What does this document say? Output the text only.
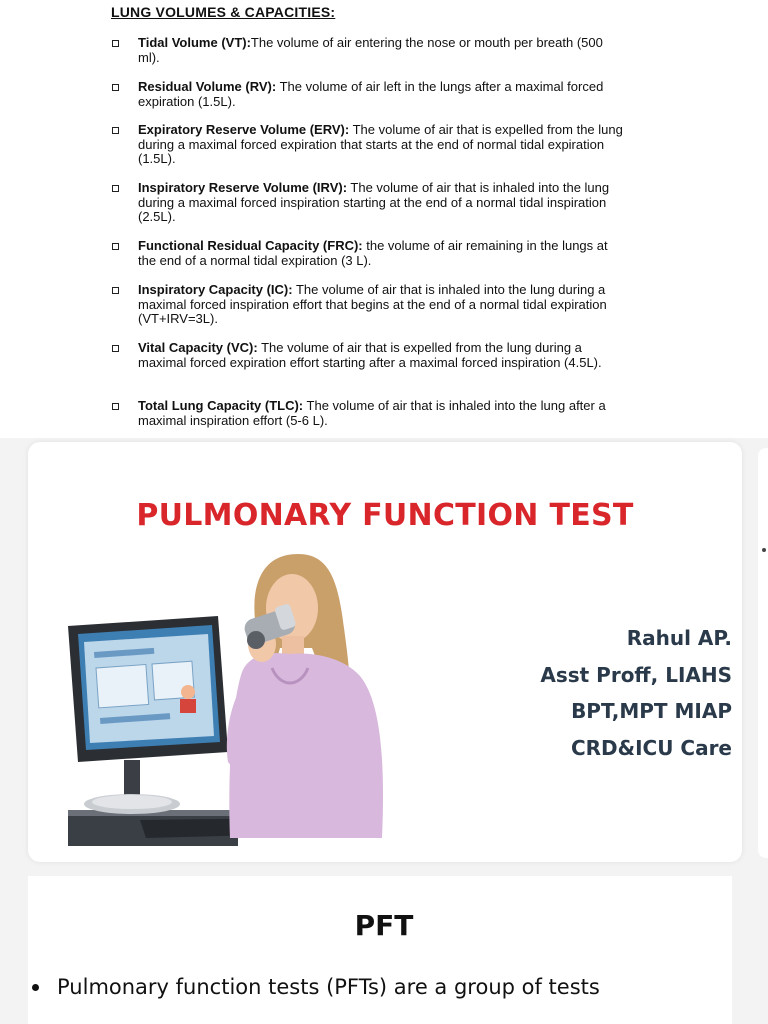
LUNG VOLUMES & CAPACITIES:
Tidal Volume (VT):The volume of air entering the nose or mouth per breath (500 ml).
Residual Volume (RV): The volume of air left in the lungs after a maximal forced expiration (1.5L).
Expiratory Reserve Volume (ERV): The volume of air that is expelled from the lung during a maximal forced expiration that starts at the end of normal tidal expiration (1.5L).
Inspiratory Reserve Volume (IRV): The volume of air that is inhaled into the lung during a maximal forced inspiration starting at the end of a normal tidal inspiration (2.5L).
Functional Residual Capacity (FRC): the volume of air remaining in the lungs at the end of a normal tidal expiration (3 L).
Inspiratory Capacity (IC): The volume of air that is inhaled into the lung during a maximal forced inspiration effort that begins at the end of a normal tidal expiration (VT+IRV=3L).
Vital Capacity (VC): The volume of air that is expelled from the lung during a maximal forced expiration effort starting after a maximal forced inspiration (4.5L).
Total Lung Capacity (TLC): The volume of air that is inhaled into the lung after a maximal inspiration effort (5-6 L).
PULMONARY FUNCTION TEST
Rahul AP.
Asst Proff, LIAHS
BPT,MPT MIAP
CRD&ICU Care
PFT
Pulmonary function tests (PFTs) are a group of tests
